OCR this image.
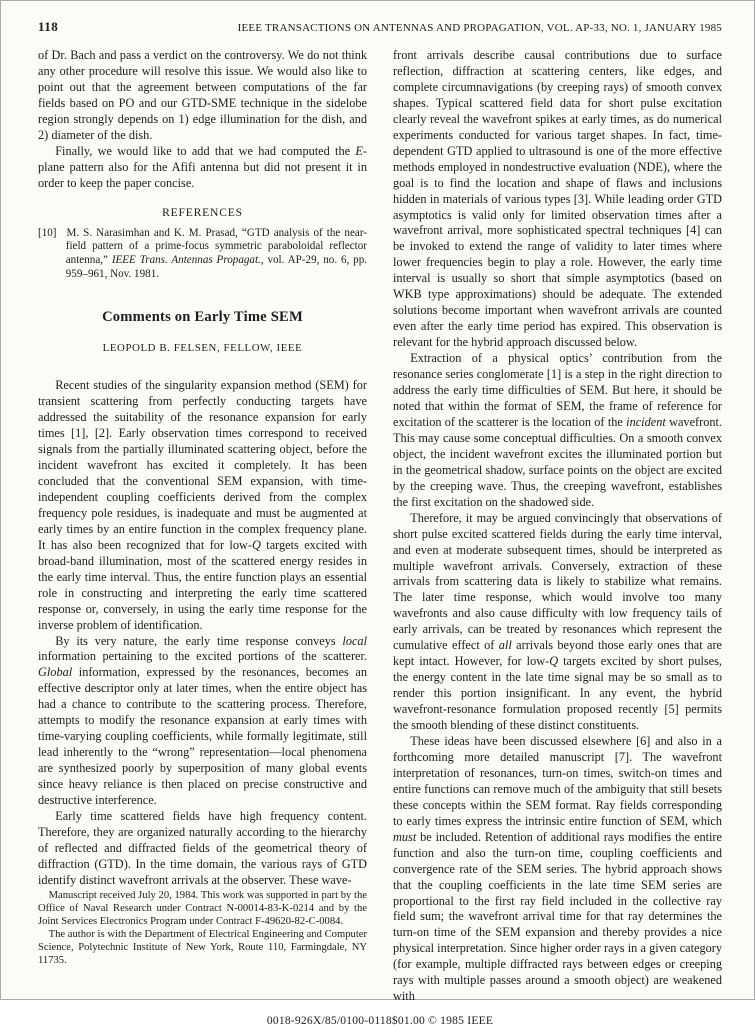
118	IEEE TRANSACTIONS ON ANTENNAS AND PROPAGATION, VOL. AP-33, NO. 1, JANUARY 1985

of Dr. Bach and pass a verdict on the controversy. We do not think any other procedure will resolve this issue. We would also like to point out that the agreement between computations of the far fields based on PO and our GTD-SME technique in the sidelobe region strongly depends on 1) edge illumination for the dish, and 2) diameter of the dish.

Finally, we would like to add that we had computed the E-plane pattern also for the Afifi antenna but did not present it in order to keep the paper concise.

REFERENCES

[10] M. S. Narasimhan and K. M. Prasad, “GTD analysis of the near-field pattern of a prime-focus symmetric paraboloidal reflector antenna,” IEEE Trans. Antennas Propagat., vol. AP-29, no. 6, pp. 959–961, Nov. 1981.

Comments on Early Time SEM
LEOPOLD B. FELSEN, FELLOW, IEEE

Recent studies of the singularity expansion method (SEM) for transient scattering from perfectly conducting targets have addressed the suitability of the resonance expansion for early times [1], [2]. Early observation times correspond to received signals from the partially illuminated scattering object, before the incident wavefront has excited it completely. It has been concluded that the conventional SEM expansion, with time-independent coupling coefficients derived from the complex frequency pole residues, is inadequate and must be augmented at early times by an entire function in the complex frequency plane. It has also been recognized that for low-Q targets excited with broad-band illumination, most of the scattered energy resides in the early time interval. Thus, the entire function plays an essential role in constructing and interpreting the early time scattered response or, conversely, in using the early time response for the inverse problem of identification.

By its very nature, the early time response conveys local information pertaining to the excited portions of the scatterer. Global information, expressed by the resonances, becomes an effective descriptor only at later times, when the entire object has had a chance to contribute to the scattering process. Therefore, attempts to modify the resonance expansion at early times with time-varying coupling coefficients, while formally legitimate, still lead inherently to the “wrong” representation—local phenomena are synthesized poorly by superposition of many global events since heavy reliance is then placed on precise constructive and destructive interference.

Early time scattered fields have high frequency content. Therefore, they are organized naturally according to the hierarchy of reflected and diffracted fields of the geometrical theory of diffraction (GTD). In the time domain, the various rays of GTD identify distinct wavefront arrivals at the observer. These wave-

Manuscript received July 20, 1984. This work was supported in part by the Office of Naval Research under Contract N-00014-83-K-0214 and by the Joint Services Electronics Program under Contract F-49620-82-C-0084.

The author is with the Department of Electrical Engineering and Computer Science, Polytechnic Institute of New York, Route 110, Farmingdale, NY 11735.

front arrivals describe causal contributions due to surface reflection, diffraction at scattering centers, like edges, and complete circumnavigations (by creeping rays) of smooth convex shapes. Typical scattered field data for short pulse excitation clearly reveal the wavefront spikes at early times, as do numerical experiments conducted for various target shapes. In fact, time-dependent GTD applied to ultrasound is one of the more effective methods employed in nondestructive evaluation (NDE), where the goal is to find the location and shape of flaws and inclusions hidden in materials of various types [3]. While leading order GTD asymptotics is valid only for limited observation times after a wavefront arrival, more sophisticated spectral techniques [4] can be invoked to extend the range of validity to later times where lower frequencies begin to play a role. However, the early time interval is usually so short that simple asymptotics (based on WKB type approximations) should be adequate. The extended solutions become important when wavefront arrivals are counted even after the early time period has expired. This observation is relevant for the hybrid approach discussed below.

Extraction of a physical optics’ contribution from the resonance series conglomerate [1] is a step in the right direction to address the early time difficulties of SEM. But here, it should be noted that within the format of SEM, the frame of reference for excitation of the scatterer is the location of the incident wavefront. This may cause some conceptual difficulties. On a smooth convex object, the incident wavefront excites the illuminated portion but in the geometrical shadow, surface points on the object are excited by the creeping wave. Thus, the creeping wavefront, establishes the first excitation on the shadowed side.

Therefore, it may be argued convincingly that observations of short pulse excited scattered fields during the early time interval, and even at moderate subsequent times, should be interpreted as multiple wavefront arrivals. Conversely, extraction of these arrivals from scattering data is likely to stabilize what remains. The later time response, which would involve too many wavefronts and also cause difficulty with low frequency tails of early arrivals, can be treated by resonances which represent the cumulative effect of all arrivals beyond those early ones that are kept intact. However, for low-Q targets excited by short pulses, the energy content in the late time signal may be so small as to render this portion insignificant. In any event, the hybrid wavefront-resonance formulation proposed recently [5] permits the smooth blending of these distinct constituents.

These ideas have been discussed elsewhere [6] and also in a forthcoming more detailed manuscript [7]. The wavefront interpretation of resonances, turn-on times, switch-on times and entire functions can remove much of the ambiguity that still besets these concepts within the SEM format. Ray fields corresponding to early times express the intrinsic entire function of SEM, which must be included. Retention of additional rays modifies the entire function and also the turn-on time, coupling coefficients and convergence rate of the SEM series. The hybrid approach shows that the coupling coefficients in the late time SEM series are proportional to the first ray field included in the collective ray field sum; the wavefront arrival time for that ray determines the turn-on time of the SEM expansion and thereby provides a nice physical interpretation. Since higher order rays in a given category (for example, multiple diffracted rays between edges or creeping rays with multiple passes around a smooth object) are weakened with

0018-926X/85/0100-0118$01.00 © 1985 IEEE
